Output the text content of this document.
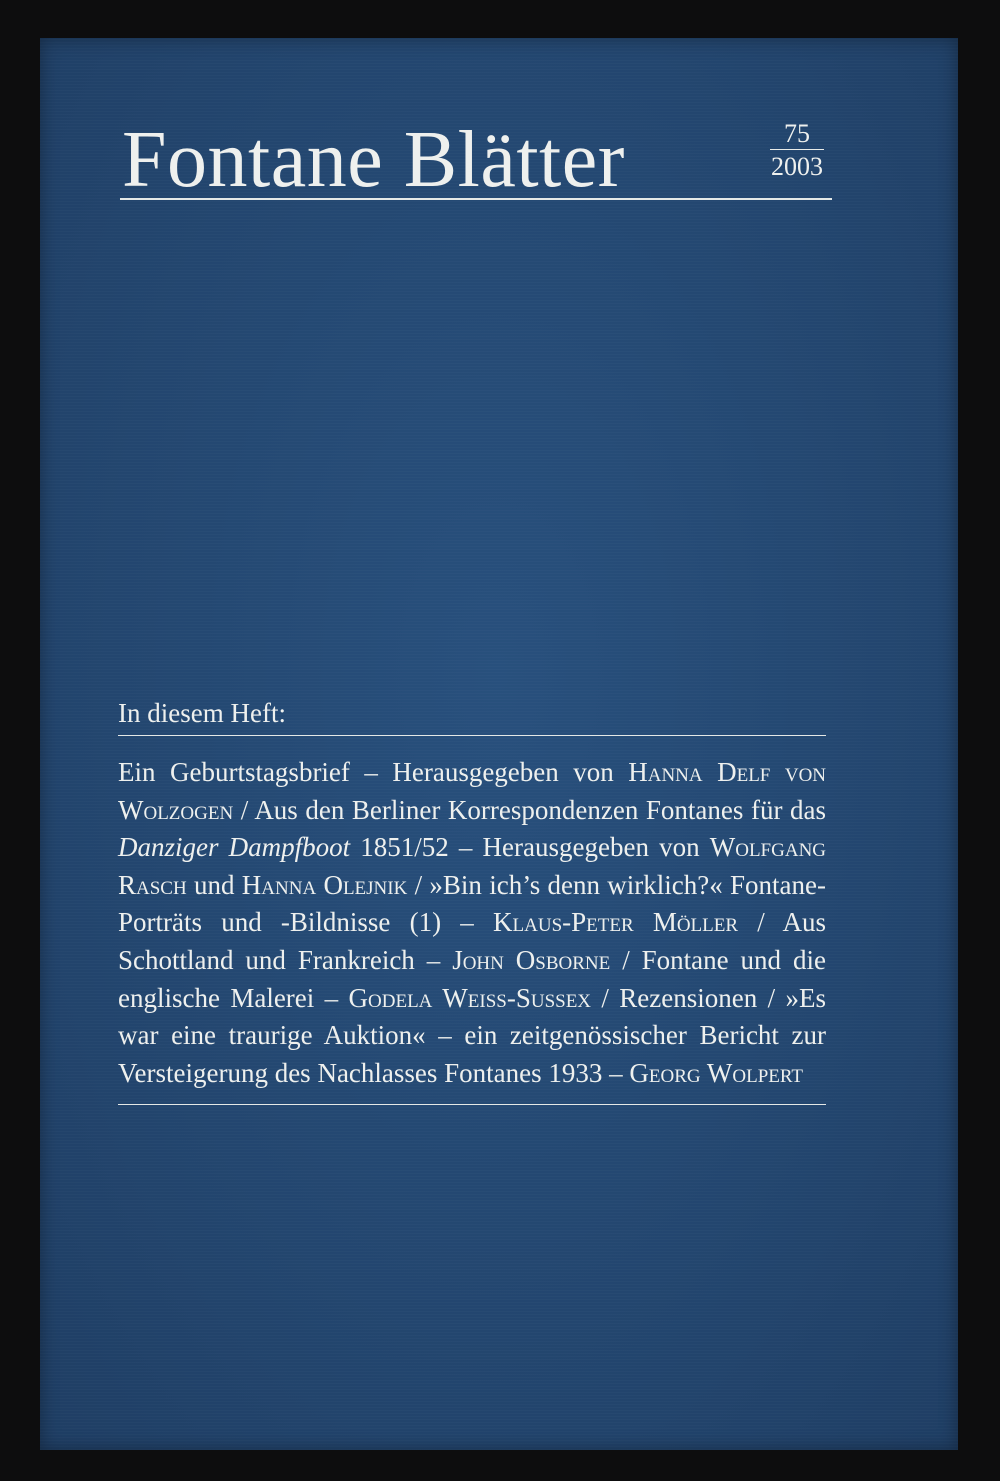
Fontane Blätter	75
2003
In diesem Heft:
Ein Geburtstagsbrief – Herausgegeben von Hanna Delf von Wolzogen / Aus den Berliner Korrespondenzen Fontanes für das Danziger Dampfboot 1851/52 – Herausgegeben von Wolfgang Rasch und Hanna Olejnik / »Bin ich’s denn wirklich?« Fontane-Porträts und -Bildnisse (1) – Klaus-Peter Möller / Aus Schottland und Frankreich – John Osborne / Fontane und die englische Malerei – Godela Weiss-Sussex / Rezensionen / »Es war eine traurige Auktion« – ein zeitgenössischer Bericht zur Versteigerung des Nachlasses Fontanes 1933 – Georg Wolpert
